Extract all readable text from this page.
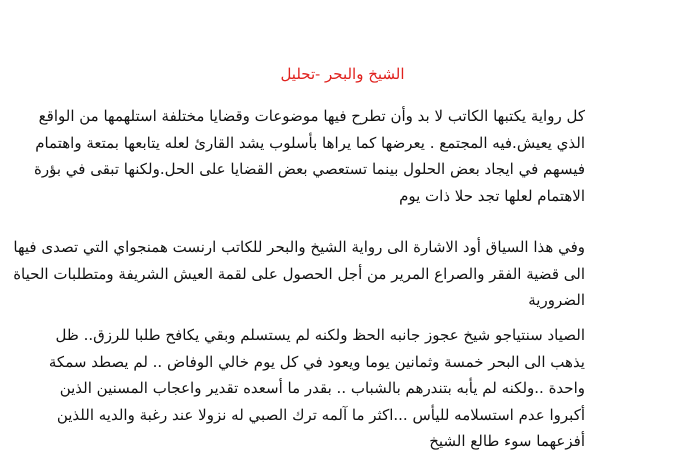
الشيخ والبحر -تحليل
كل رواية يكتبها الكاتب لا بد وأن تطرح فيها موضوعات وقضايا مختلفة استلهمها من الواقع
الذي يعيش.فيه المجتمع . يعرضها كما يراها بأسلوب يشد القارئ لعله يتابعها بمتعة واهتمام
فيسهم في ايجاد بعض الحلول بينما تستعصي بعض القضايا على الحل.ولكنها تبقى في بؤرة
الاهتمام لعلها تجد حلا ذات يوم
وفي هذا السياق أود الاشارة الى رواية الشيخ والبحر للكاتب ارنست همنجواي التي تصدى فيها
الى قضية الفقر والصراع المرير من أجل الحصول على لقمة العيش الشريفة ومتطلبات الحياة
الضرورية
الصياد سنتياجو شيخ عجوز جانبه الحظ ولكنه لم يستسلم وبقي يكافح طلبا للرزق.. ظل
يذهب الى البحر خمسة وثمانين يوما ويعود في كل يوم خالي الوفاض .. لم يصطد سمكة
واحدة ..ولكنه لم يأبه بتندرهم بالشباب .. بقدر ما أسعده تقدير واعجاب المسنين الذين
أكبروا عدم استسلامه لليأس ...اكثر ما آلمه ترك الصبي له نزولا عند رغبة والديه اللذين
أفزعهما سوء طالع الشيخ
